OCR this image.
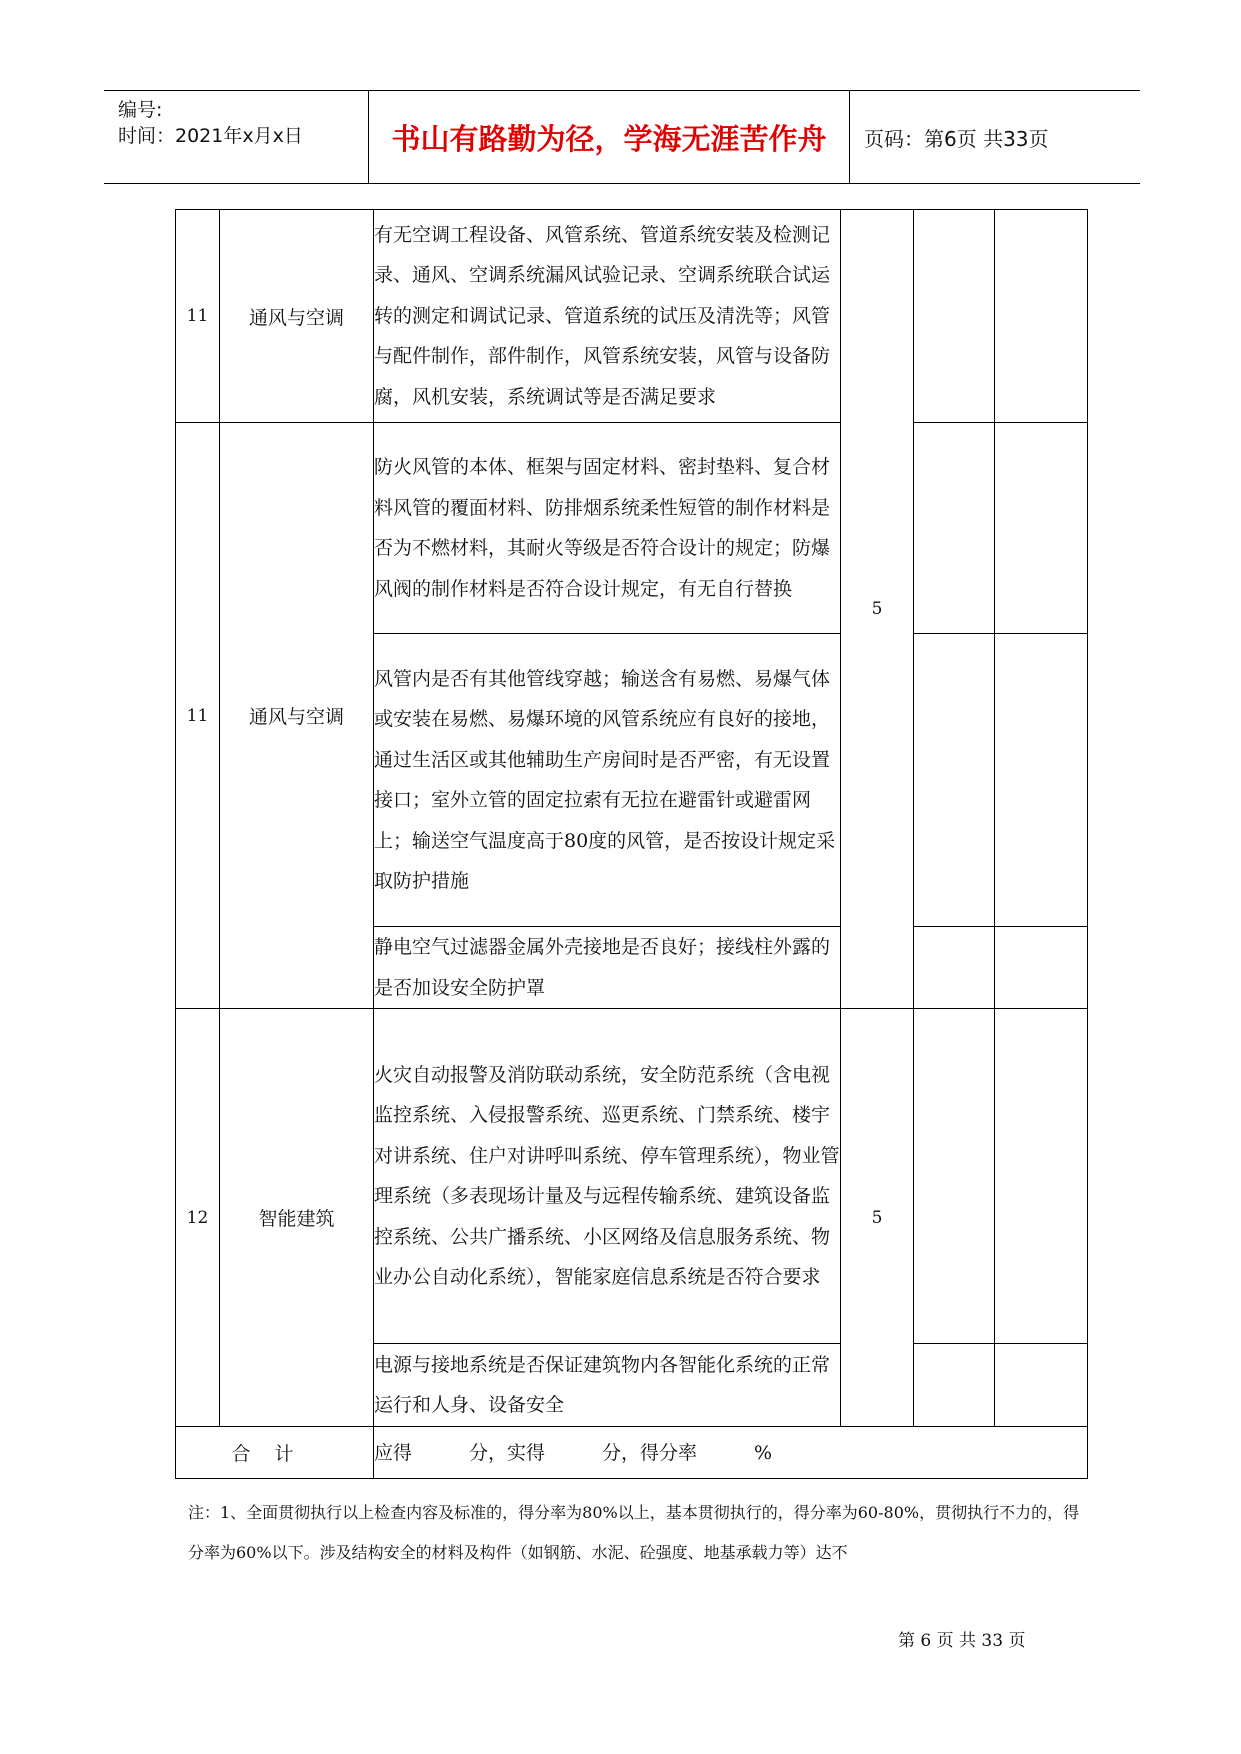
编号:
时间：2021年x月x日	书山有路勤为径，学海无涯苦作舟	页码：第6页 共33页
11	通风与空调	有无空调工程设备、风管系统、管道系统安装及检测记录、通风、空调系统漏风试验记录、空调系统联合试运转的测定和调试记录、管道系统的试压及清洗等；风管与配件制作，部件制作，风管系统安装，风管与设备防腐，风机安装，系统调试等是否满足要求	5		
11	通风与空调	防火风管的本体、框架与固定材料、密封垫料、复合材料风管的覆面材料、防排烟系统柔性短管的制作材料是否为不燃材料，其耐火等级是否符合设计的规定；防爆风阀的制作材料是否符合设计规定，有无自行替换			
		风管内是否有其他管线穿越；输送含有易燃、易爆气体或安装在易燃、易爆环境的风管系统应有良好的接地，通过生活区或其他辅助生产房间时是否严密，有无设置接口；室外立管的固定拉索有无拉在避雷针或避雷网上；输送空气温度高于80度的风管，是否按设计规定采取防护措施			
		静电空气过滤器金属外壳接地是否良好；接线柱外露的是否加设安全防护罩			
12	智能建筑	火灾自动报警及消防联动系统，安全防范系统（含电视监控系统、入侵报警系统、巡更系统、门禁系统、楼宇对讲系统、住户对讲呼叫系统、停车管理系统），物业管理系统（多表现场计量及与远程传输系统、建筑设备监控系统、公共广播系统、小区网络及信息服务系统、物业办公自动化系统），智能家庭信息系统是否符合要求	5		
		电源与接地系统是否保证建筑物内各智能化系统的正常运行和人身、设备安全			
合计		应得　　　分，实得　　　分，得分率　　　%			
注：1、全面贯彻执行以上检查内容及标准的，得分率为80%以上，基本贯彻执行的，得分率为60-80%，贯彻执行不力的，得分率为60%以下。涉及结构安全的材料及构件（如钢筋、水泥、砼强度、地基承载力等）达不
第 6 页 共 33 页
